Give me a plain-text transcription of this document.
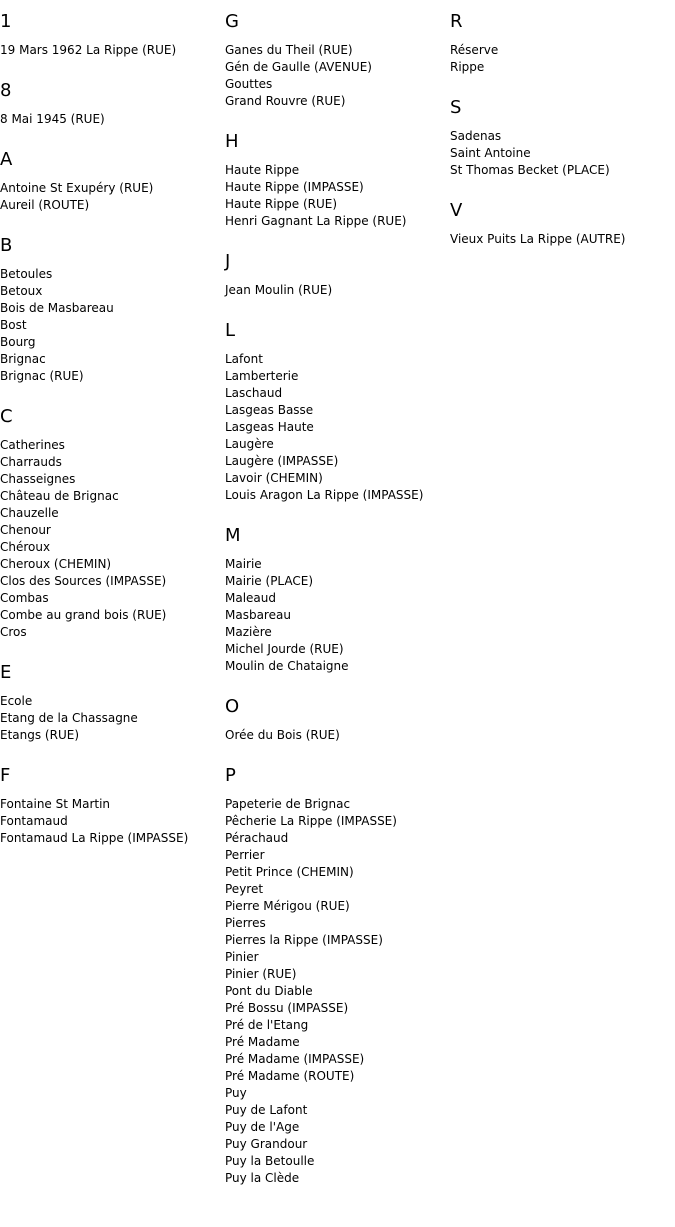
1
19 Mars 1962 La Rippe (RUE)
8
8 Mai 1945 (RUE)
A
Antoine St Exupéry (RUE)
Aureil (ROUTE)
B
Betoules
Betoux
Bois de Masbareau
Bost
Bourg
Brignac
Brignac (RUE)
C
Catherines
Charrauds
Chasseignes
Château de Brignac
Chauzelle
Chenour
Chéroux
Cheroux (CHEMIN)
Clos des Sources (IMPASSE)
Combas
Combe au grand bois (RUE)
Cros
E
Ecole
Etang de la Chassagne
Etangs (RUE)
F
Fontaine St Martin
Fontamaud
Fontamaud La Rippe (IMPASSE)
G
Ganes du Theil (RUE)
Gén de Gaulle (AVENUE)
Gouttes
Grand Rouvre (RUE)
H
Haute Rippe
Haute Rippe (IMPASSE)
Haute Rippe (RUE)
Henri Gagnant La Rippe (RUE)
J
Jean Moulin (RUE)
L
Lafont
Lamberterie
Laschaud
Lasgeas Basse
Lasgeas Haute
Laugère
Laugère (IMPASSE)
Lavoir (CHEMIN)
Louis Aragon La Rippe (IMPASSE)
M
Mairie
Mairie (PLACE)
Maleaud
Masbareau
Mazière
Michel Jourde (RUE)
Moulin de Chataigne
O
Orée du Bois (RUE)
P
Papeterie de Brignac
Pêcherie La Rippe (IMPASSE)
Pérachaud
Perrier
Petit Prince (CHEMIN)
Peyret
Pierre Mérigou (RUE)
Pierres
Pierres la Rippe (IMPASSE)
Pinier
Pinier (RUE)
Pont du Diable
Pré Bossu (IMPASSE)
Pré de l'Etang
Pré Madame
Pré Madame (IMPASSE)
Pré Madame (ROUTE)
Puy
Puy de Lafont
Puy de l'Age
Puy Grandour
Puy la Betoulle
Puy la Clède
R
Réserve
Rippe
S
Sadenas
Saint Antoine
St Thomas Becket (PLACE)
V
Vieux Puits La Rippe (AUTRE)
